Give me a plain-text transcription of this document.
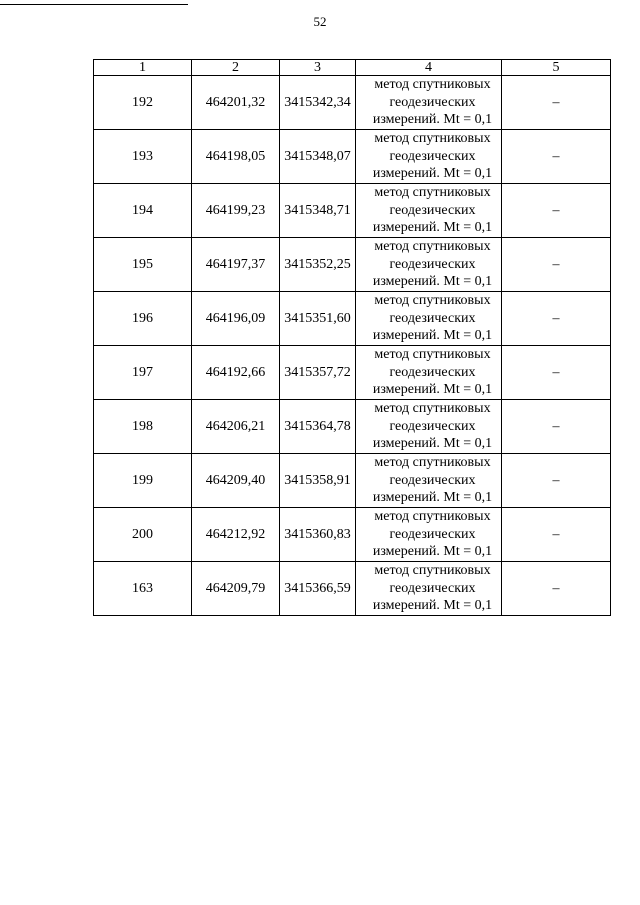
52
1	2	3	4	5
192	464201,32	3415342,34	метод спутниковых
геодезических
измерений. Mt = 0,1	–
193	464198,05	3415348,07	метод спутниковых
геодезических
измерений. Mt = 0,1	–
194	464199,23	3415348,71	метод спутниковых
геодезических
измерений. Mt = 0,1	–
195	464197,37	3415352,25	метод спутниковых
геодезических
измерений. Mt = 0,1	–
196	464196,09	3415351,60	метод спутниковых
геодезических
измерений. Mt = 0,1	–
197	464192,66	3415357,72	метод спутниковых
геодезических
измерений. Mt = 0,1	–
198	464206,21	3415364,78	метод спутниковых
геодезических
измерений. Mt = 0,1	–
199	464209,40	3415358,91	метод спутниковых
геодезических
измерений. Mt = 0,1	–
200	464212,92	3415360,83	метод спутниковых
геодезических
измерений. Mt = 0,1	–
163	464209,79	3415366,59	метод спутниковых
геодезических
измерений. Mt = 0,1	–
